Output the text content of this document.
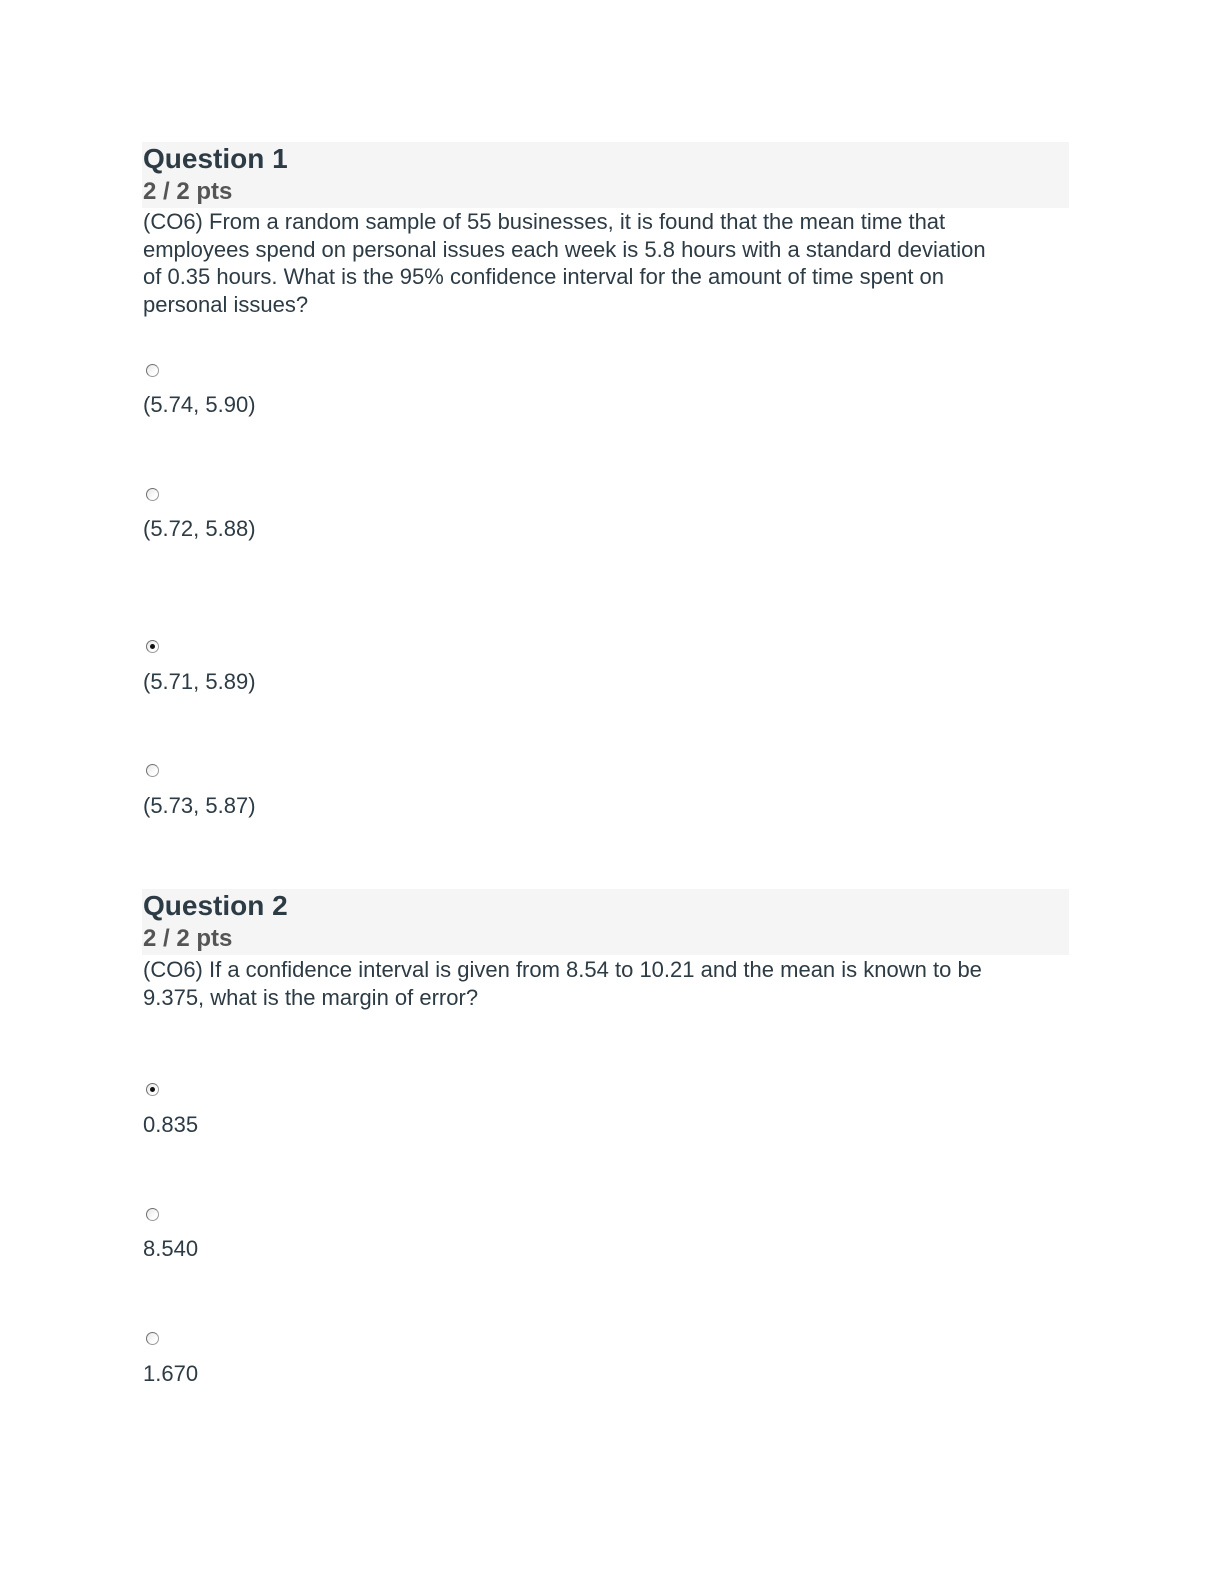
Question 1
2 / 2 pts
(CO6) From a random sample of 55 businesses, it is found that the mean time that
employees spend on personal issues each week is 5.8 hours with a standard deviation
of 0.35 hours. What is the 95% confidence interval for the amount of time spent on
personal issues?
(5.74, 5.90)
(5.72, 5.88)
(5.71, 5.89)
(5.73, 5.87)
Question 2
2 / 2 pts
(CO6) If a confidence interval is given from 8.54 to 10.21 and the mean is known to be
9.375, what is the margin of error?
0.835
8.540
1.670
